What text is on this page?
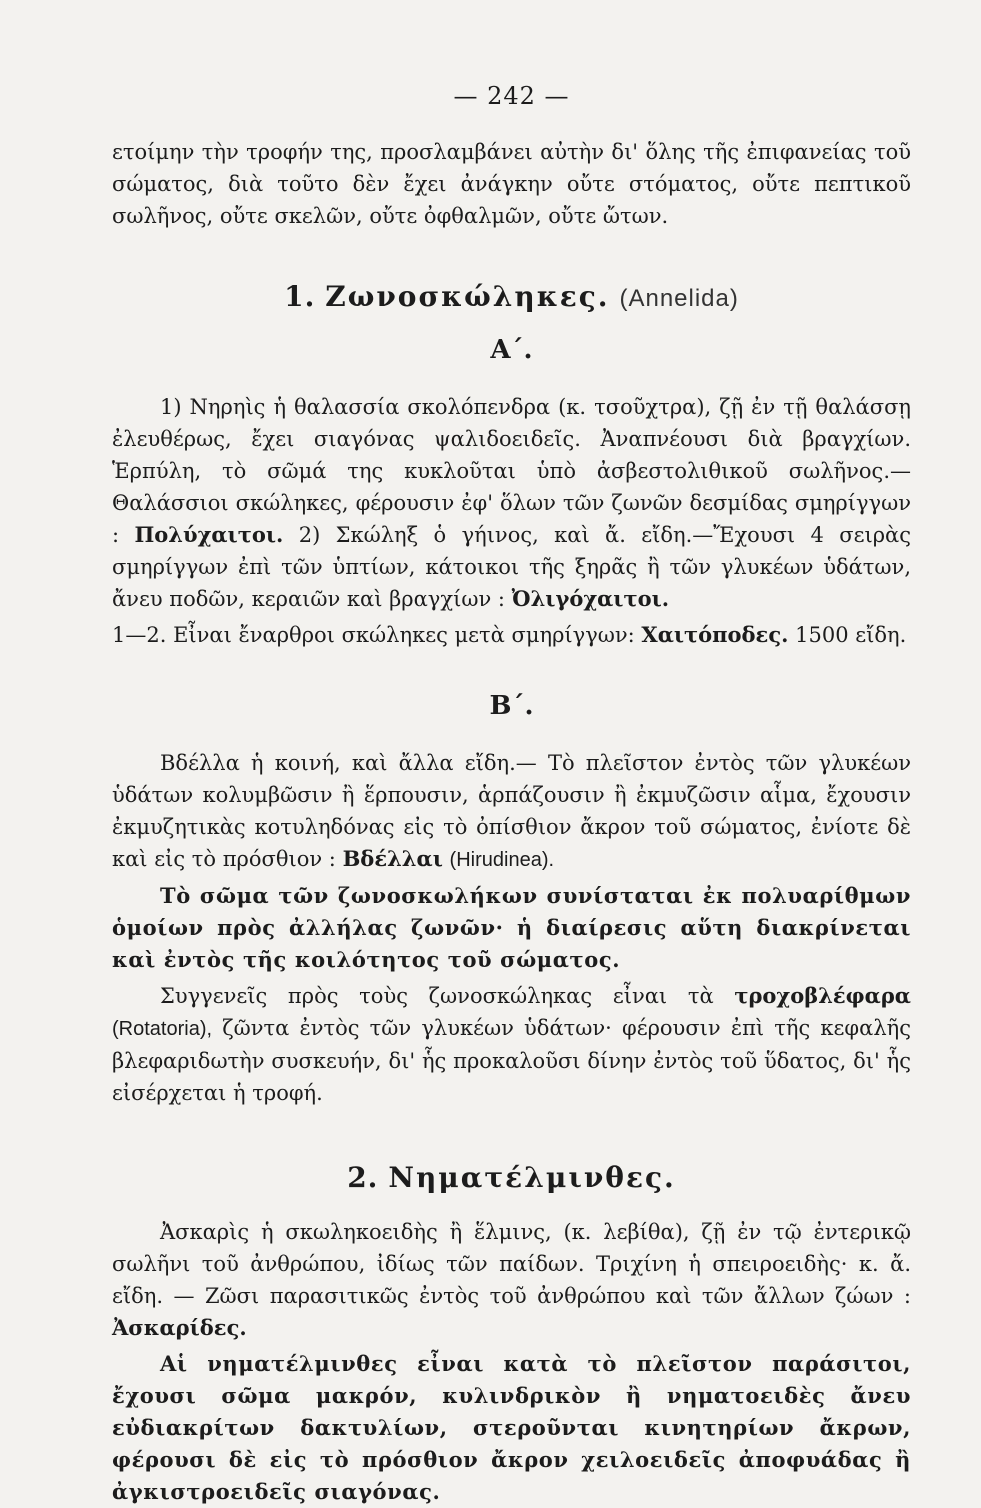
— 242 —

ετοίμην τὴν τροφήν της, προσλαμβάνει αὐτὴν δι' ὅλης τῆς ἐπιφανείας τοῦ σώματος, διὰ τοῦτο δὲν ἔχει ἀνάγκην οὔτε στόματος, οὔτε πεπτικοῦ σωλῆνος, οὔτε σκελῶν, οὔτε ὀφθαλμῶν, οὔτε ὤτων.

1. Ζωνοσκώληκες. (Annelida)
Α΄.

1) Νηρηὶς ἡ θαλασσία σκολόπενδρα (κ. τσοῦχτρα), ζῇ ἐν τῇ θαλάσσῃ ἐλευθέρως, ἔχει σιαγόνας ψαλιδοειδεῖς. Ἀναπνέουσι διὰ βραγχίων. Ἑρπύλη, τὸ σῶμά της κυκλοῦται ὑπὸ ἀσβεστολιθικοῦ σωλῆνος.— Θαλάσσιοι σκώληκες, φέρουσιν ἐφ' ὅλων τῶν ζωνῶν δεσμίδας σμηρίγγων : Πολύχαιτοι. 2) Σκώληξ ὁ γήινος, καὶ ἄ. εἴδη.—Ἔχουσι 4 σειρὰς σμηρίγγων ἐπὶ τῶν ὑπτίων, κάτοικοι τῆς ξηρᾶς ἢ τῶν γλυκέων ὑδάτων, ἄνευ ποδῶν, κεραιῶν καὶ βραγχίων : Ὀλιγόχαιτοι.

1—2. Εἶναι ἔναρθροι σκώληκες μετὰ σμηρίγγων: Χαιτόποδες. 1500 εἴδη.

Β΄.

Βδέλλα ἡ κοινή, καὶ ἄλλα εἴδη.— Τὸ πλεῖστον ἐντὸς τῶν γλυκέων ὑδάτων κολυμβῶσιν ἢ ἕρπουσιν, ἁρπάζουσιν ἢ ἐκμυζῶσιν αἷμα, ἔχουσιν ἐκμυζητικὰς κοτυληδόνας εἰς τὸ ὀπίσθιον ἄκρον τοῦ σώματος, ἐνίοτε δὲ καὶ εἰς τὸ πρόσθιον : Βδέλλαι (Hirudinea).

Τὸ σῶμα τῶν ζωνοσκωλήκων συνίσταται ἐκ πολυαρίθμων ὁμοίων πρὸς ἀλλήλας ζωνῶν· ἡ διαίρεσις αὕτη διακρίνεται καὶ ἐντὸς τῆς κοιλότητος τοῦ σώματος.

Συγγενεῖς πρὸς τοὺς ζωνοσκώληκας εἶναι τὰ τροχοβλέφαρα (Rotatoria), ζῶντα ἐντὸς τῶν γλυκέων ὑδάτων· φέρουσιν ἐπὶ τῆς κεφαλῆς βλεφαριδωτὴν συσκευήν, δι' ἧς προκαλοῦσι δίνην ἐντὸς τοῦ ὕδατος, δι' ἧς εἰσέρχεται ἡ τροφή.

2. Νηματέλμινθες.

Ἀσκαρὶς ἡ σκωληκοειδὴς ἢ ἕλμινς, (κ. λεβίθα), ζῇ ἐν τῷ ἐντερικῷ σωλῆνι τοῦ ἀνθρώπου, ἰδίως τῶν παίδων. Τριχίνη ἡ σπειροειδὴς· κ. ἄ. εἴδη. — Ζῶσι παρασιτικῶς ἐντὸς τοῦ ἀνθρώπου καὶ τῶν ἄλλων ζώων : Ἀσκαρίδες.

Αἱ νηματέλμινθες εἶναι κατὰ τὸ πλεῖστον παράσιτοι, ἔχουσι σῶμα μακρόν, κυλινδρικὸν ἢ νηματοειδὲς ἄνευ εὐδιακρίτων δακτυλίων, στεροῦνται κινητηρίων ἄκρων, φέρουσι δὲ εἰς τὸ πρόσθιον ἄκρον χειλοειδεῖς ἀποφυάδας ἢ ἀγκιστροειδεῖς σιαγόνας.
